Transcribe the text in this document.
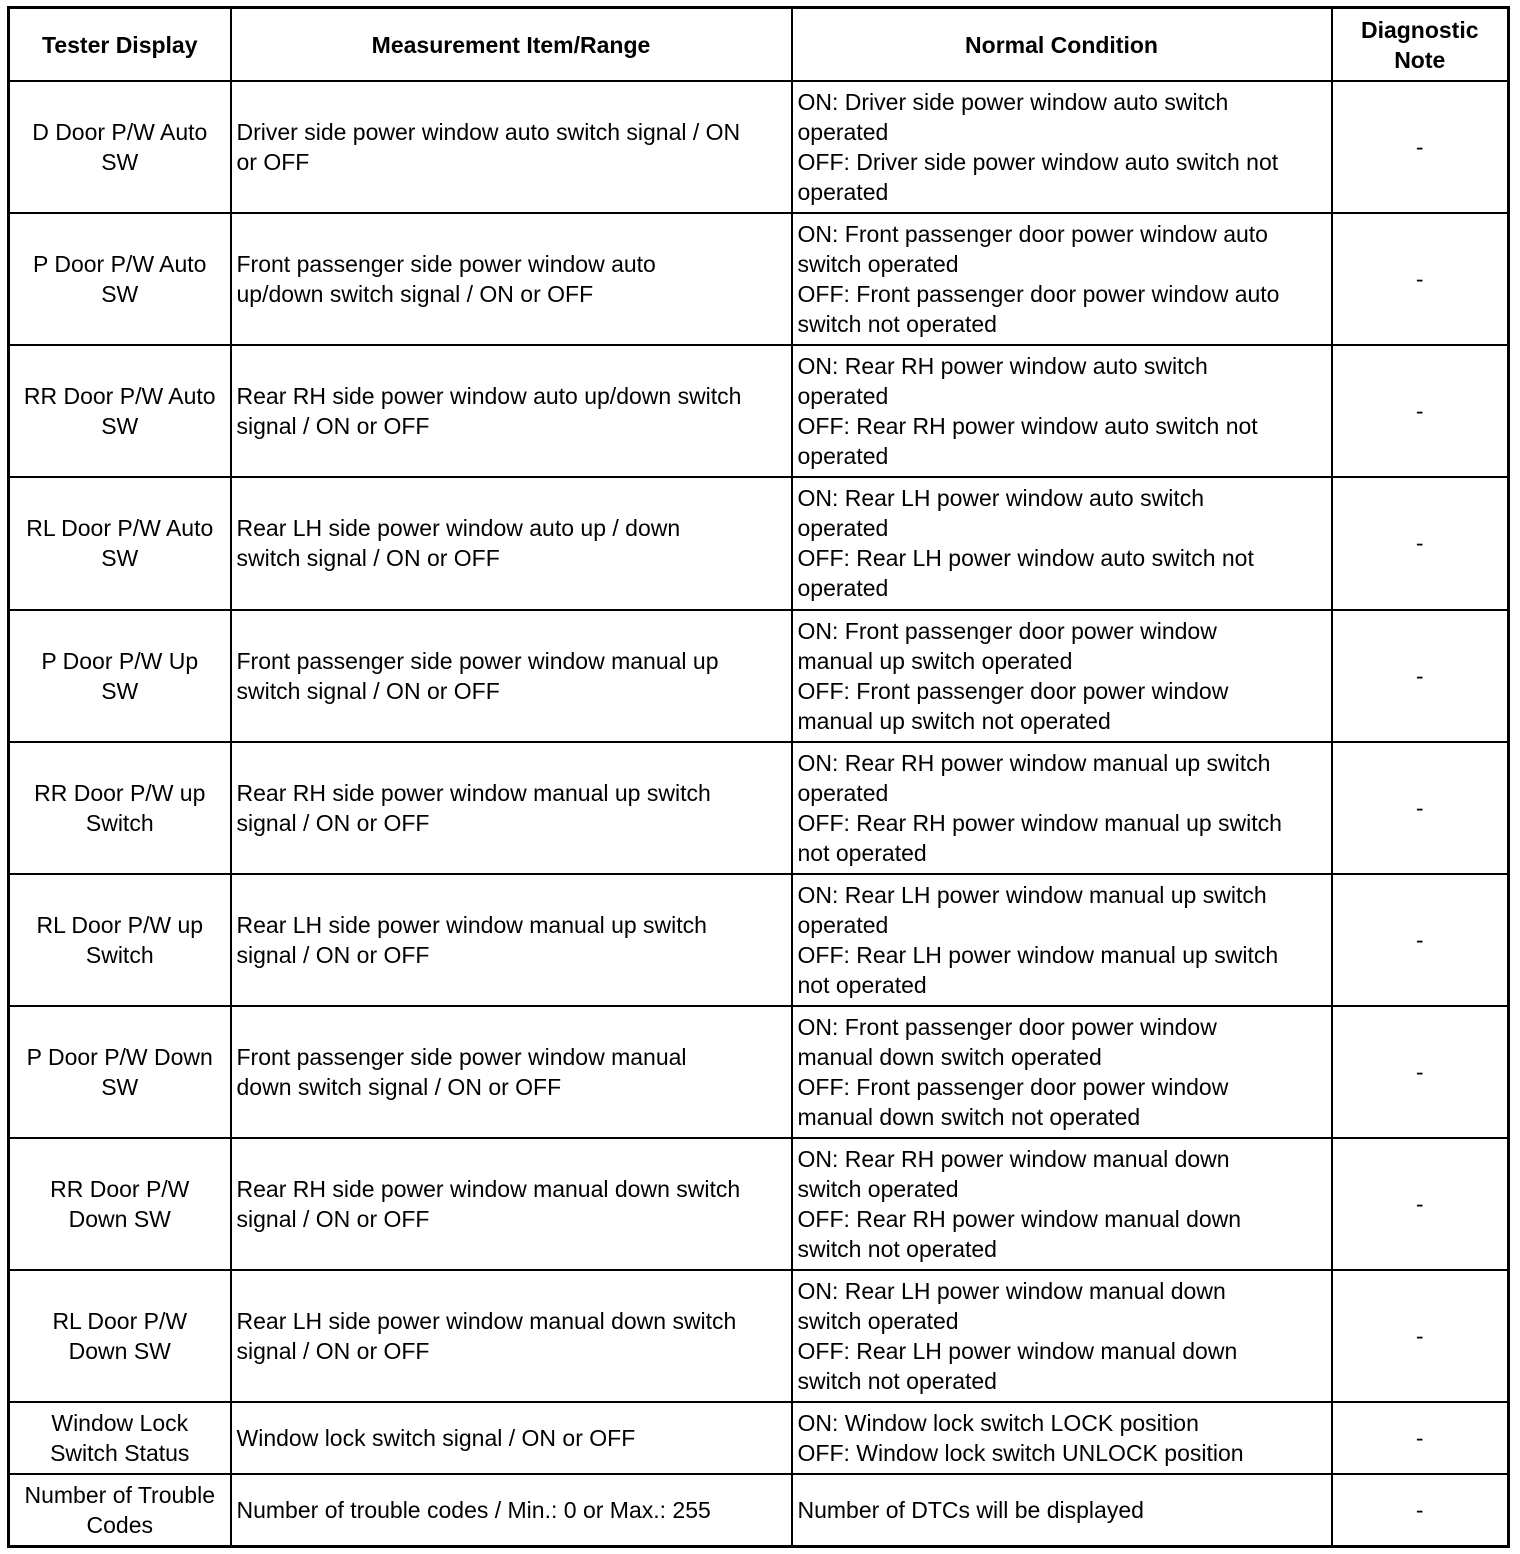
Tester Display	Measurement Item/Range	Normal Condition	Diagnostic
Note

D Door P/W Auto
SW	Driver side power window auto switch signal / ON
or OFF	ON: Driver side power window auto switch
operated
OFF: Driver side power window auto switch not
operated	-

P Door P/W Auto
SW	Front passenger side power window auto
up/down switch signal / ON or OFF	ON: Front passenger door power window auto
switch operated
OFF: Front passenger door power window auto
switch not operated	-

RR Door P/W Auto
SW	Rear RH side power window auto up/down switch
signal / ON or OFF	ON: Rear RH power window auto switch
operated
OFF: Rear RH power window auto switch not
operated	-

RL Door P/W Auto
SW	Rear LH side power window auto up / down
switch signal / ON or OFF	ON: Rear LH power window auto switch
operated
OFF: Rear LH power window auto switch not
operated	-

P Door P/W Up
SW	Front passenger side power window manual up
switch signal / ON or OFF	ON: Front passenger door power window
manual up switch operated
OFF: Front passenger door power window
manual up switch not operated	-

RR Door P/W up
Switch	Rear RH side power window manual up switch
signal / ON or OFF	ON: Rear RH power window manual up switch
operated
OFF: Rear RH power window manual up switch
not operated	-

RL Door P/W up
Switch	Rear LH side power window manual up switch
signal / ON or OFF	ON: Rear LH power window manual up switch
operated
OFF: Rear LH power window manual up switch
not operated	-

P Door P/W Down
SW	Front passenger side power window manual
down switch signal / ON or OFF	ON: Front passenger door power window
manual down switch operated
OFF: Front passenger door power window
manual down switch not operated	-

RR Door P/W
Down SW	Rear RH side power window manual down switch
signal / ON or OFF	ON: Rear RH power window manual down
switch operated
OFF: Rear RH power window manual down
switch not operated	-

RL Door P/W
Down SW	Rear LH side power window manual down switch
signal / ON or OFF	ON: Rear LH power window manual down
switch operated
OFF: Rear LH power window manual down
switch not operated	-

Window Lock
Switch Status	Window lock switch signal / ON or OFF	ON: Window lock switch LOCK position
OFF: Window lock switch UNLOCK position	-

Number of Trouble
Codes	Number of trouble codes / Min.: 0 or Max.: 255	Number of DTCs will be displayed	-
